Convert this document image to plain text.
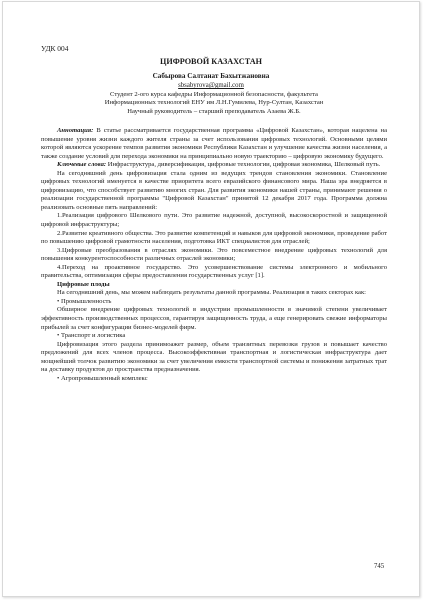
УДК 004
ЦИФРОВОЙ КАЗАХСТАН
Сабырова Салтанат Бахытжановна
sbsabyrova@gmail.com
Студент 2-ого курса кафедры Информационной безопасности, факультета
Информационных технологий ЕНУ им Л.Н.Гумилева, Нур-Султан, Казахстан
Научный руководитель – старший преподаватель Азаева Ж.Б.

Аннотация: В статье рассматривается государственная программа «Цифровой Казахстан», которая нацелена на повышение уровня жизни каждого жителя страны за счет использования цифровых технологий. Основными целями которой являются ускорение темпов развития экономики Республики Казахстан и улучшение качества жизни населения, а также создание условий для перехода экономики на принципиально новую траекторию – цифровую экономику будущего.

Ключевые слова: Инфраструктура, диверсификация, цифровые технологии, цифровая экономика, Шелковый путь.

На сегодняшний день цифровизация стала одним из ведущих трендов становления экономики. Становление цифровых технологий именуется в качестве приоритета всего евразийского финансового мира. Наша эра внедряется в цифровизацию, что способствует развитию многих стран. Для развития экономики нашей страны, принимают решения о реализации государственной программы "Цифровой Казахстан" принятой 12 декабря 2017 года. Программа должна реализовать основные пять направлений:

1.Реализация цифрового Шелкового пути. Это развитие надежной, доступной, высокоскоростной и защищенной цифровой инфраструктуры;

2.Развитие креативного общества. Это развитие компетенций и навыков для цифровой экономики, проведение работ по повышению цифровой грамотности населения, подготовка ИКТ специалистов для отраслей;

3.Цифровые преобразования в отраслях экономики. Это повсеместное внедрение цифровых технологий для повышения конкурентоспособности различных отраслей экономики;

4.Переход на проактивное государство. Это усовершенствование системы электронного и мобильного правительства, оптимизация сферы предоставления государственных услуг [1].

Цифровые плоды

На сегодняшний день, мы можем наблюдать результаты данной программы. Реализация в таких секторах как:

• Промышленность

Обширное внедрение цифровых технологий в индустрии промышленности в значимой степени увеличивает эффективность производственных процессов, гарантируя защищенность труда, а еще генерировать свежие информаторы прибылей за счет конфигурации бизнес-моделей фирм.

• Транспорт и логистика

Цифровизация этого раздела принимоажет размер, объем транзитных перевозки грузов и повышает качество предложений для всех членов процесса. Высокоэффективная транспортная и логистическая инфраструктура дает мощнейший толчок развитию экономики за счет увеличения емкости транспортной системы и понижения затратных трат на доставку продуктов до пространства предназначения.

• Агропромышленный комплекс

745
